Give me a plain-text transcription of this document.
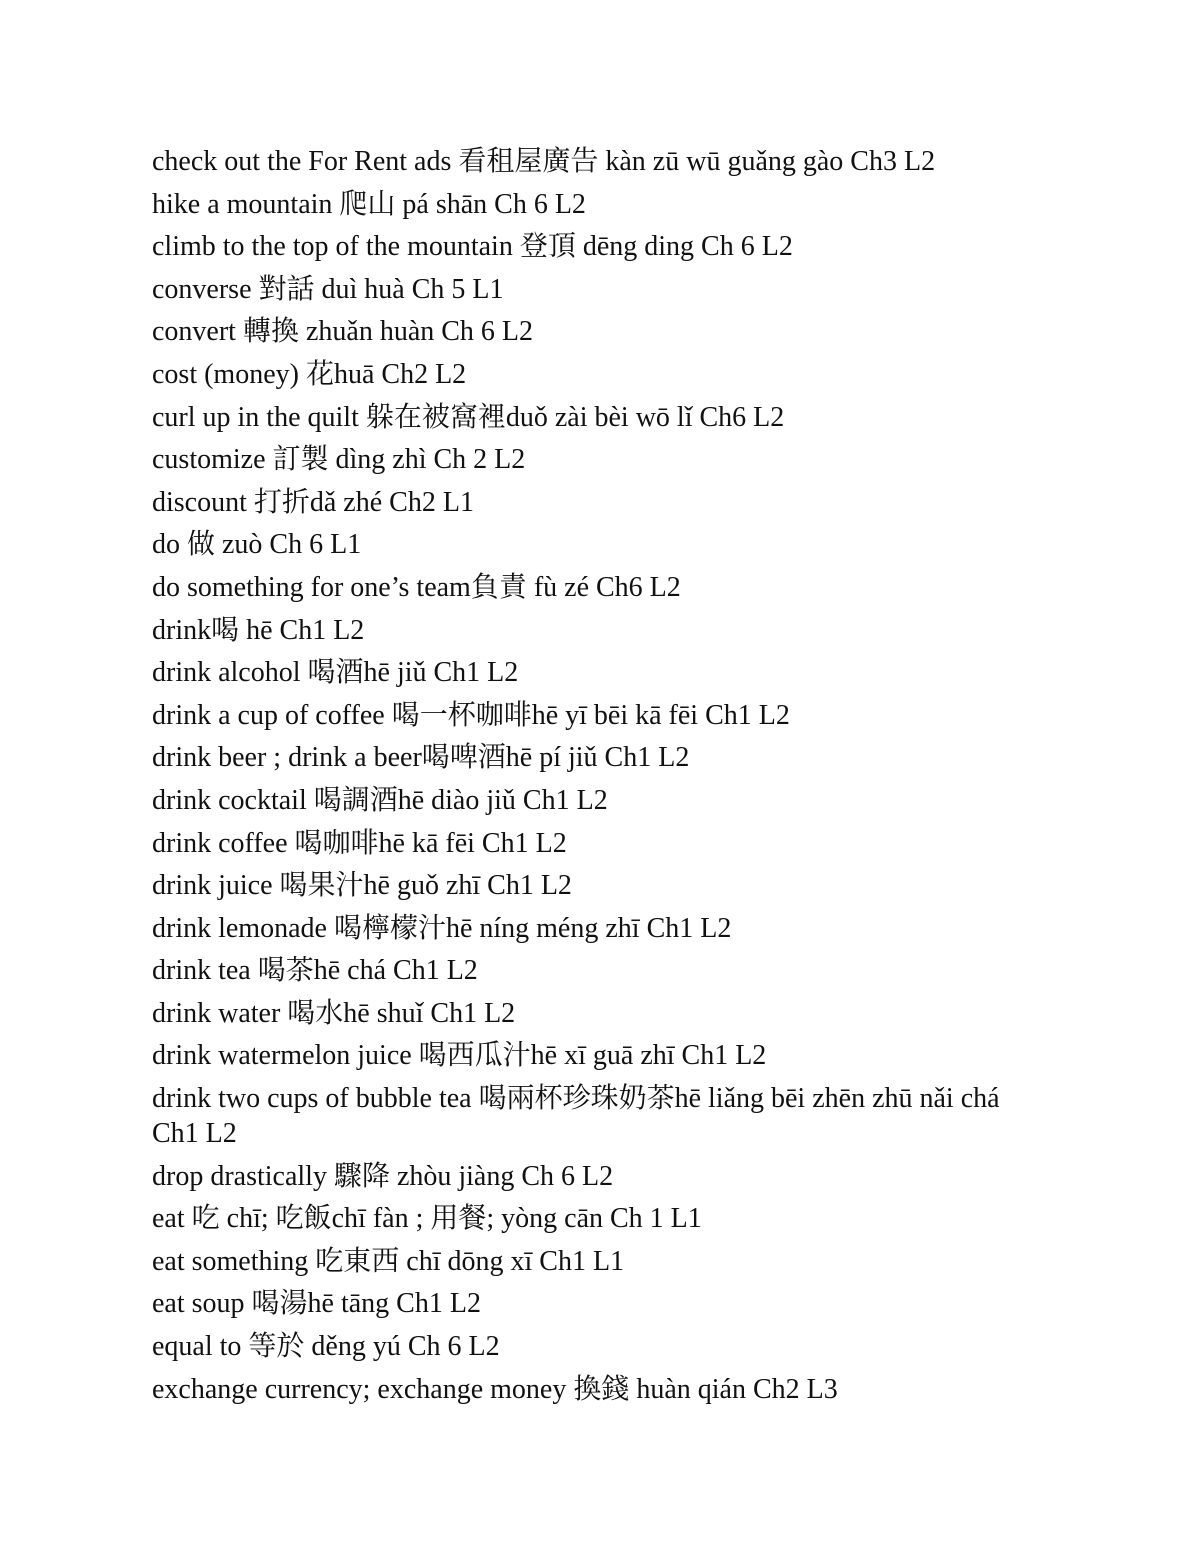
check out the For Rent ads 看租屋廣告 kàn zū wū guǎng gào Ch3 L2
hike a mountain 爬山 pá shān Ch 6 L2
climb to the top of the mountain 登頂 dēng ding Ch 6 L2
converse 對話 duì huà Ch 5 L1
convert 轉換 zhuǎn huàn Ch 6 L2
cost (money) 花huā Ch2 L2
curl up in the quilt 躲在被窩裡duǒ zài bèi wō lǐ Ch6 L2
customize 訂製 dìng zhì Ch 2 L2
discount 打折dǎ zhé Ch2 L1
do 做 zuò Ch 6 L1
do something for one’s team負責 fù zé Ch6 L2
drink喝 hē Ch1 L2
drink alcohol 喝酒hē jiǔ Ch1 L2
drink a cup of coffee 喝一杯咖啡hē yī bēi kā fēi Ch1 L2
drink beer ; drink a beer喝啤酒hē pí jiǔ Ch1 L2
drink cocktail 喝調酒hē diào jiǔ Ch1 L2
drink coffee 喝咖啡hē kā fēi Ch1 L2
drink juice 喝果汁hē guǒ zhī Ch1 L2
drink lemonade 喝檸檬汁hē níng méng zhī Ch1 L2
drink tea 喝茶hē chá Ch1 L2
drink water 喝水hē shuǐ Ch1 L2
drink watermelon juice 喝西瓜汁hē xī guā zhī Ch1 L2
drink two cups of bubble tea 喝兩杯珍珠奶茶hē liǎng bēi zhēn zhū nǎi chá Ch1 L2
drop drastically 驟降 zhòu jiàng Ch 6 L2
eat 吃 chī; 吃飯chī fàn ; 用餐; yòng cān Ch 1 L1
eat something 吃東西 chī dōng xī Ch1 L1
eat soup 喝湯hē tāng Ch1 L2
equal to 等於 děng yú Ch 6 L2
exchange currency; exchange money 換錢 huàn qián Ch2 L3
